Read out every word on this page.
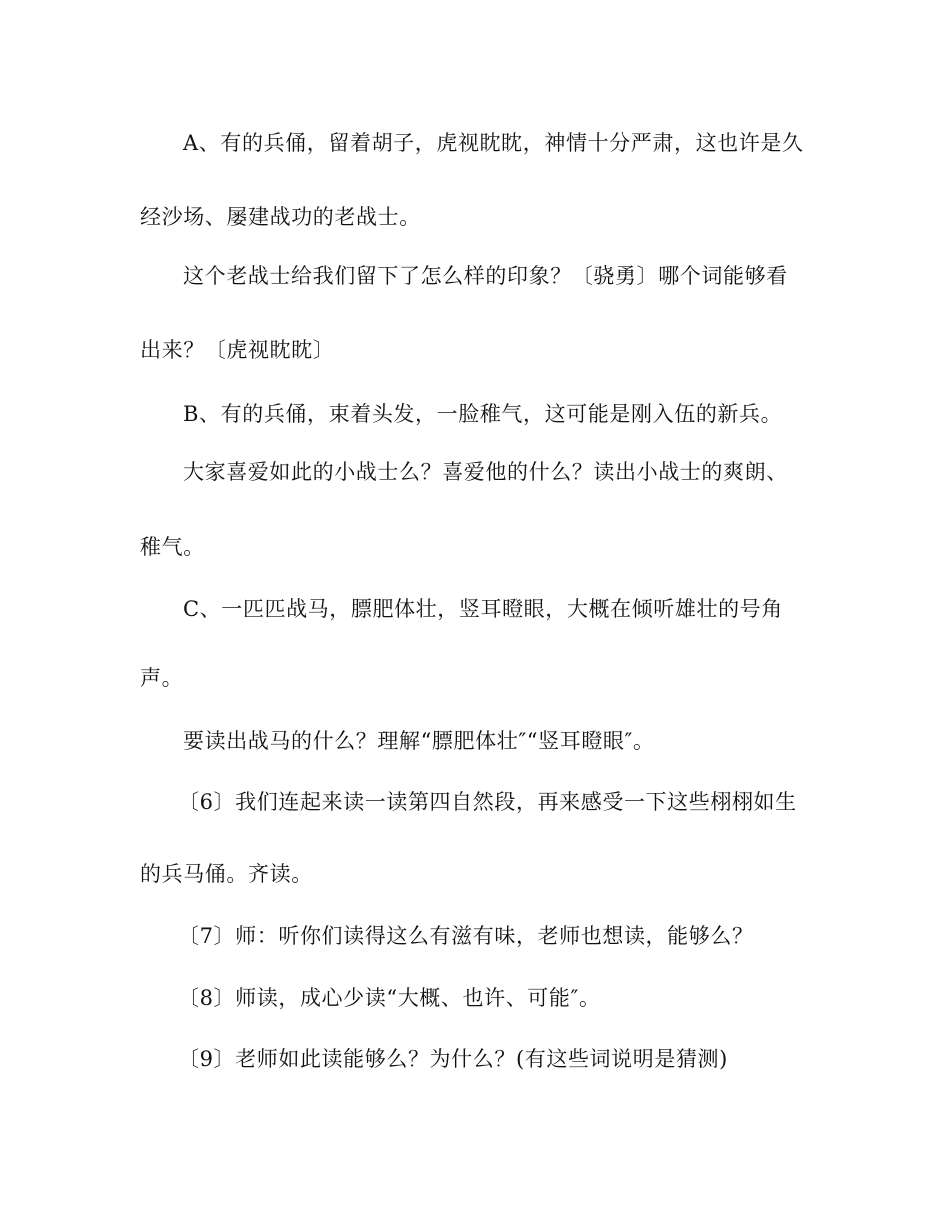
A、有的兵俑，留着胡子，虎视眈眈，神情十分严肃，这也许是久
经沙场、屡建战功的老战士。
这个老战士给我们留下了怎么样的印象？〔骁勇〕哪个词能够看
出来？〔虎视眈眈〕
B、有的兵俑，束着头发，一脸稚气，这可能是刚入伍的新兵。
大家喜爱如此的小战士么？喜爱他的什么？读出小战士的爽朗、
稚气。
C、一匹匹战马，膘肥体壮，竖耳瞪眼，大概在倾听雄壮的号角
声。
要读出战马的什么？理解“膘肥体壮″“竖耳瞪眼″。
〔6〕我们连起来读一读第四自然段，再来感受一下这些栩栩如生
的兵马俑。齐读。
〔7〕师：听你们读得这么有滋有味，老师也想读，能够么？
〔8〕师读，成心少读“大概、也许、可能″。
〔9〕老师如此读能够么？为什么？(有这些词说明是猜测)
